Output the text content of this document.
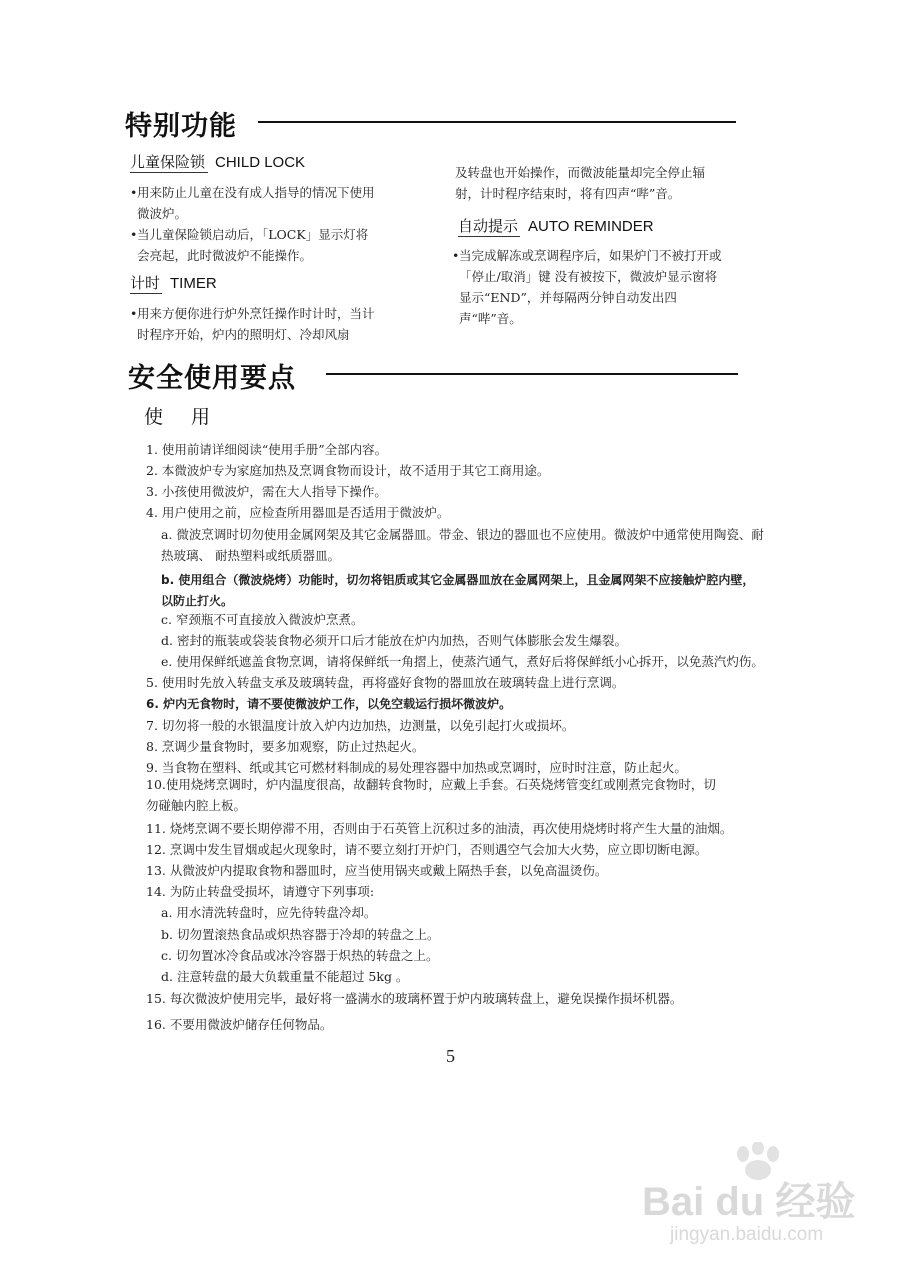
特别功能
儿童保险锁 CHILD LOCK
• 用来防止儿童在没有成人指导的情况下使用微波炉。
• 当儿童保险锁启动后，「LOCK」显示灯将会亮起，此时微波炉不能操作。
计时 TIMER
• 用来方便你进行炉外烹饪操作时计时，当计时程序开始，炉内的照明灯、冷却风扇
及转盘也开始操作，而微波能量却完全停止辐射，计时程序结束时，将有四声“哔”音。
自动提示 AUTO REMINDER
• 当完成解冻或烹调程序后，如果炉门不被打开或「停止/取消」键 没有被按下，微波炉显示窗将显示“END”，并每隔两分钟自动发出四声“哔”音。
安全使用要点
使用
1. 使用前请详细阅读“使用手册”全部内容。
2. 本微波炉专为家庭加热及烹调食物而设计，故不适用于其它工商用途。
3. 小孩使用微波炉，需在大人指导下操作。
4. 用户使用之前，应检查所用器皿是否适用于微波炉。
a. 微波烹调时切勿使用金属网架及其它金属器皿。带金、银边的器皿也不应使用。微波炉中通常使用陶瓷、耐热玻璃、 耐热塑料或纸质器皿。
b. 使用组合（微波烧烤）功能时，切勿将铝质或其它金属器皿放在金属网架上，且金属网架不应接触炉腔内壁，以防止打火。
c. 窄颈瓶不可直接放入微波炉烹煮。
d. 密封的瓶装或袋装食物必须开口后才能放在炉内加热，否则气体膨胀会发生爆裂。
e. 使用保鲜纸遮盖食物烹调，请将保鲜纸一角摺上，使蒸汽通气，煮好后将保鲜纸小心拆开，以免蒸汽灼伤。
5. 使用时先放入转盘支承及玻璃转盘，再将盛好食物的器皿放在玻璃转盘上进行烹调。
6. 炉内无食物时，请不要使微波炉工作，以免空载运行损坏微波炉。
7. 切勿将一般的水银温度计放入炉内边加热，边测量，以免引起打火或损坏。
8. 烹调少量食物时，要多加观察，防止过热起火。
9. 当食物在塑料、纸或其它可燃材料制成的易处理容器中加热或烹调时，应时时注意，防止起火。
10.使用烧烤烹调时，炉内温度很高，故翻转食物时，应戴上手套。石英烧烤管变红或刚煮完食物时，切勿碰触内腔上板。
11. 烧烤烹调不要长期停滞不用，否则由于石英管上沉积过多的油渍，再次使用烧烤时将产生大量的油烟。
12. 烹调中发生冒烟或起火现象时，请不要立刻打开炉门，否则遇空气会加大火势，应立即切断电源。
13. 从微波炉内提取食物和器皿时，应当使用锅夹或戴上隔热手套，以免高温烫伤。
14. 为防止转盘受损坏，请遵守下列事项:
a. 用水清洗转盘时，应先待转盘冷却。
b. 切勿置滚热食品或炽热容器于冷却的转盘之上。
c. 切勿置冰冷食品或冰冷容器于炽热的转盘之上。
d. 注意转盘的最大负载重量不能超过 5kg 。
15. 每次微波炉使用完毕，最好将一盛满水的玻璃杯置于炉内玻璃转盘上，避免误操作损坏机器。
16. 不要用微波炉储存任何物品。
5
Bai du 经验
jingyan.baidu.com
